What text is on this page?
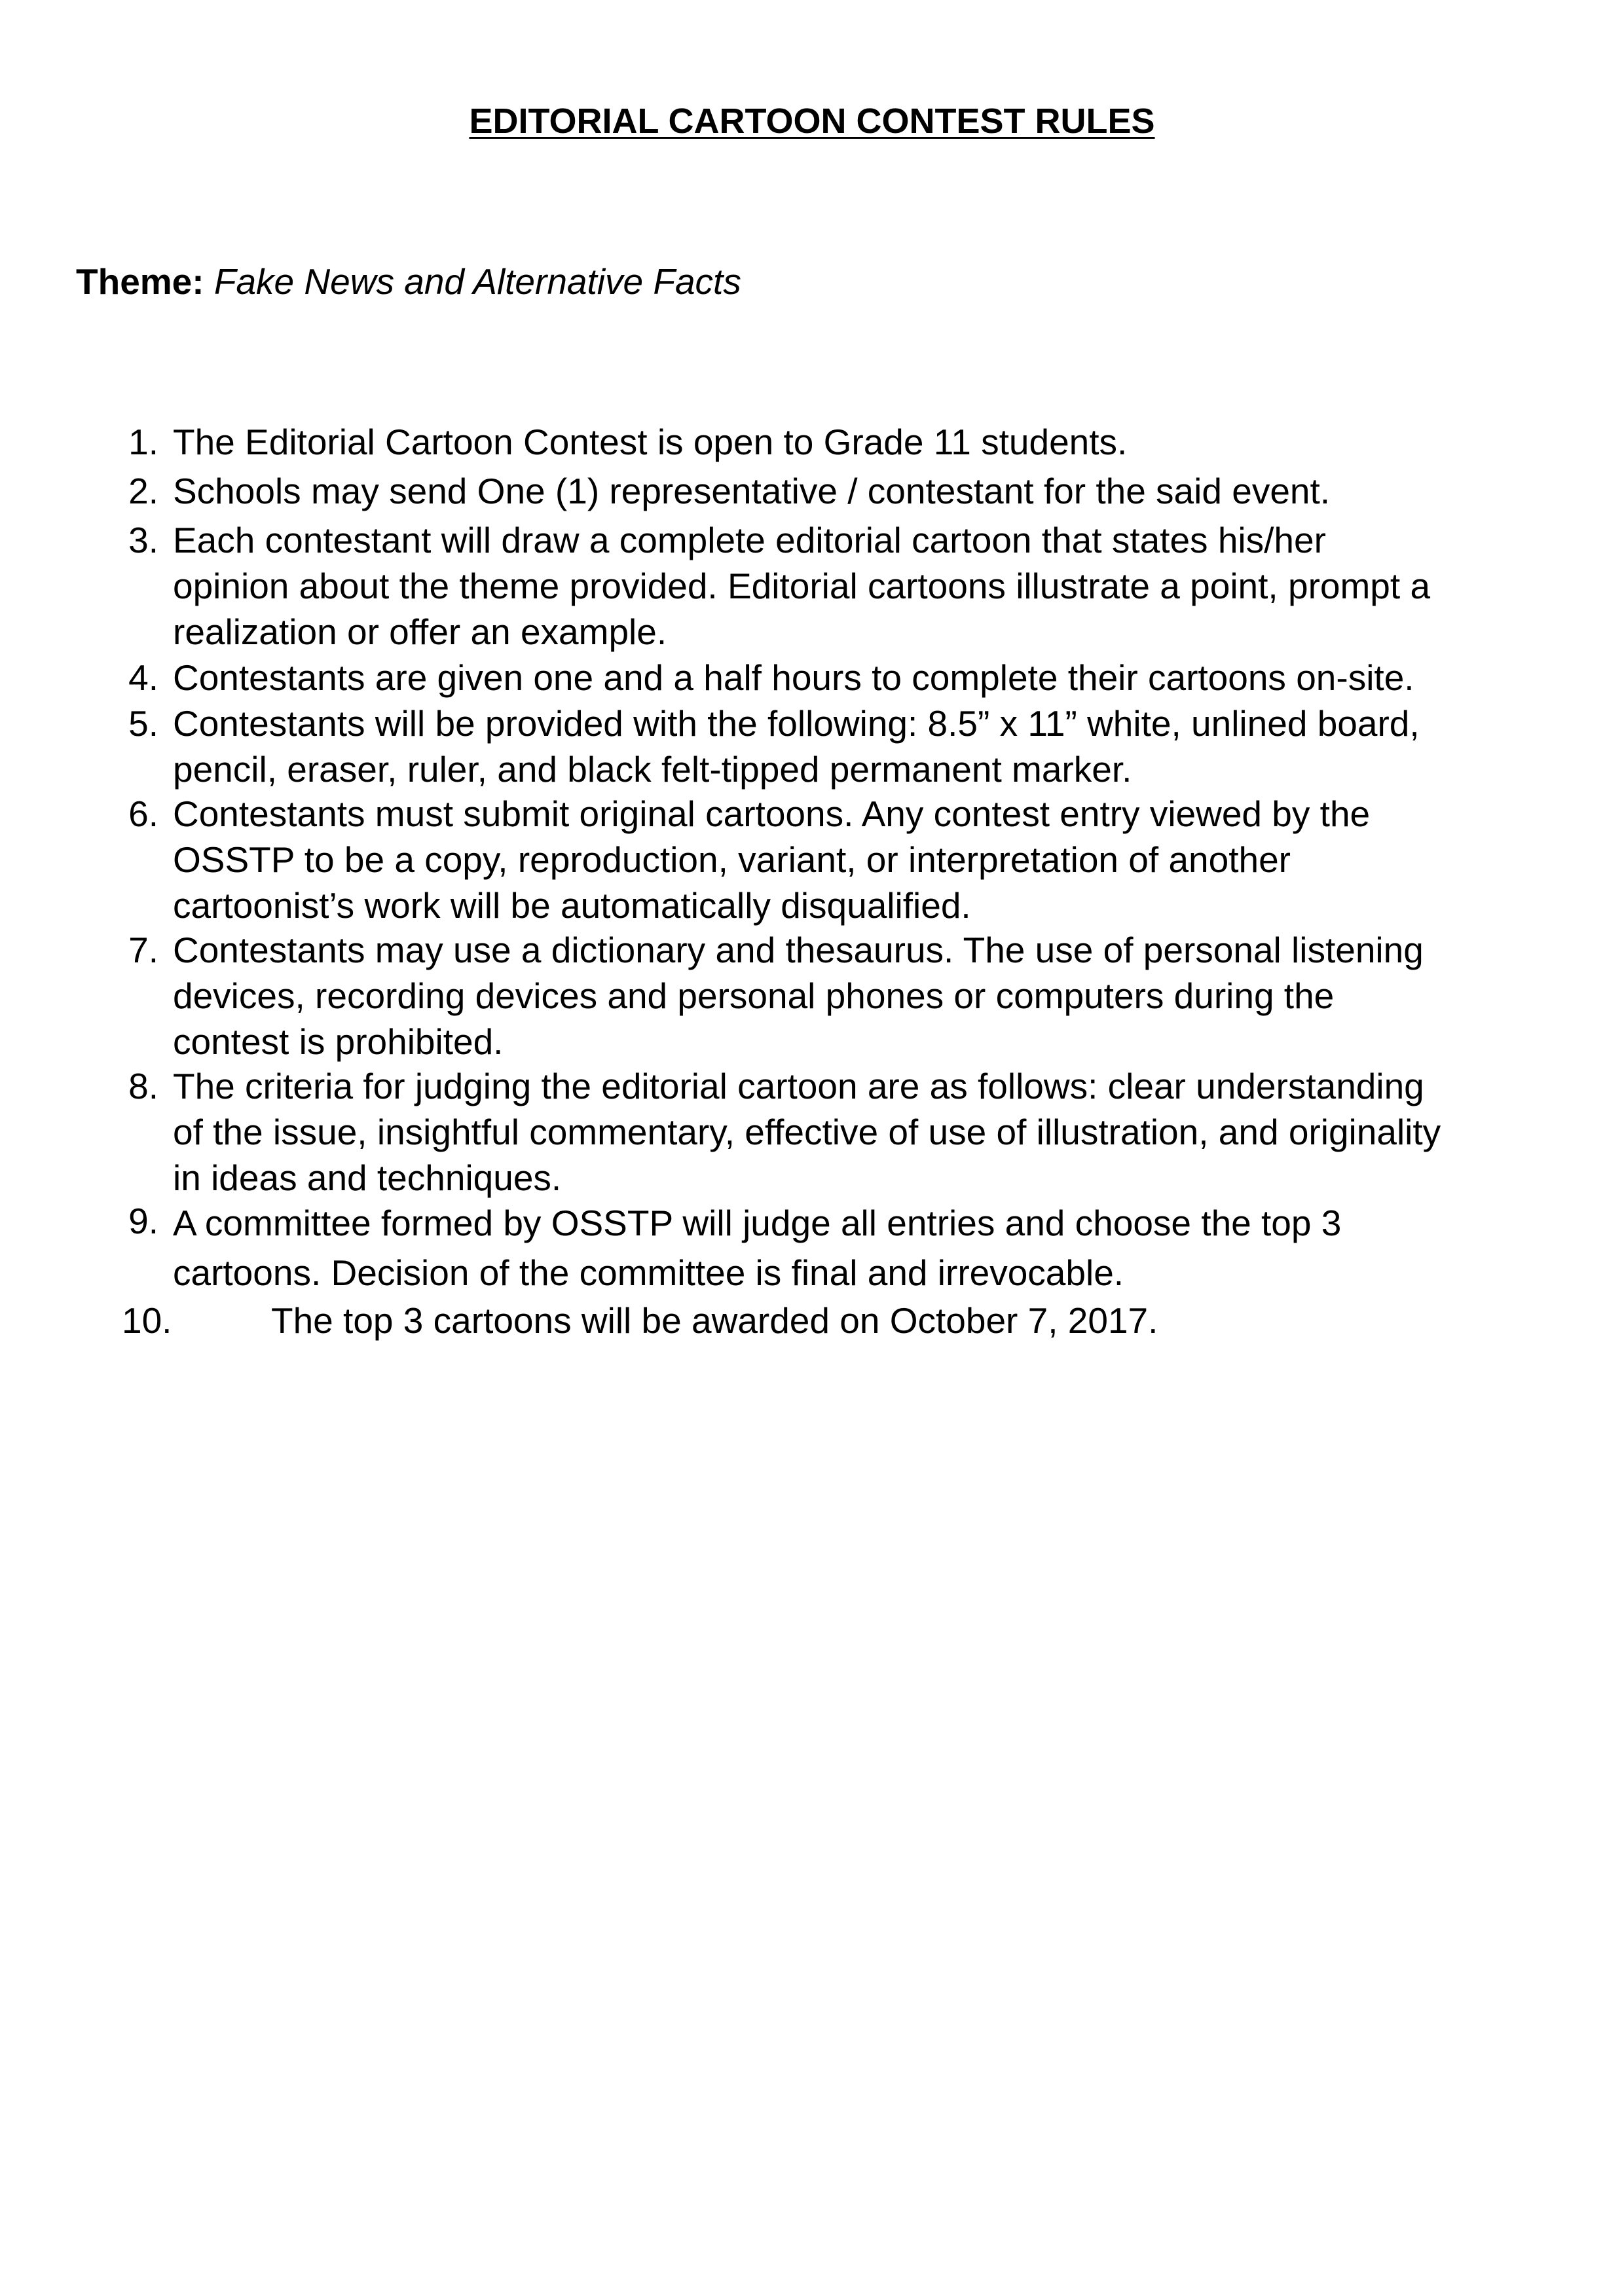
EDITORIAL CARTOON CONTEST RULES

Theme: Fake News and Alternative Facts

1. The Editorial Cartoon Contest is open to Grade 11 students.
2. Schools may send One (1) representative / contestant for the said event.
3. Each contestant will draw a complete editorial cartoon that states his/her
opinion about the theme provided. Editorial cartoons illustrate a point, prompt a
realization or offer an example.
4. Contestants are given one and a half hours to complete their cartoons on-site.
5. Contestants will be provided with the following: 8.5” x 11” white, unlined board,
pencil, eraser, ruler, and black felt-tipped permanent marker.
6. Contestants must submit original cartoons. Any contest entry viewed by the
OSSTP to be a copy, reproduction, variant, or interpretation of another
cartoonist’s work will be automatically disqualified.
7. Contestants may use a dictionary and thesaurus. The use of personal listening
devices, recording devices and personal phones or computers during the
contest is prohibited.
8. The criteria for judging the editorial cartoon are as follows: clear understanding
of the issue, insightful commentary, effective of use of illustration, and originality
in ideas and techniques.
9. A committee formed by OSSTP will judge all entries and choose the top 3
cartoons. Decision of the committee is final and irrevocable.
10.	The top 3 cartoons will be awarded on October 7, 2017.
